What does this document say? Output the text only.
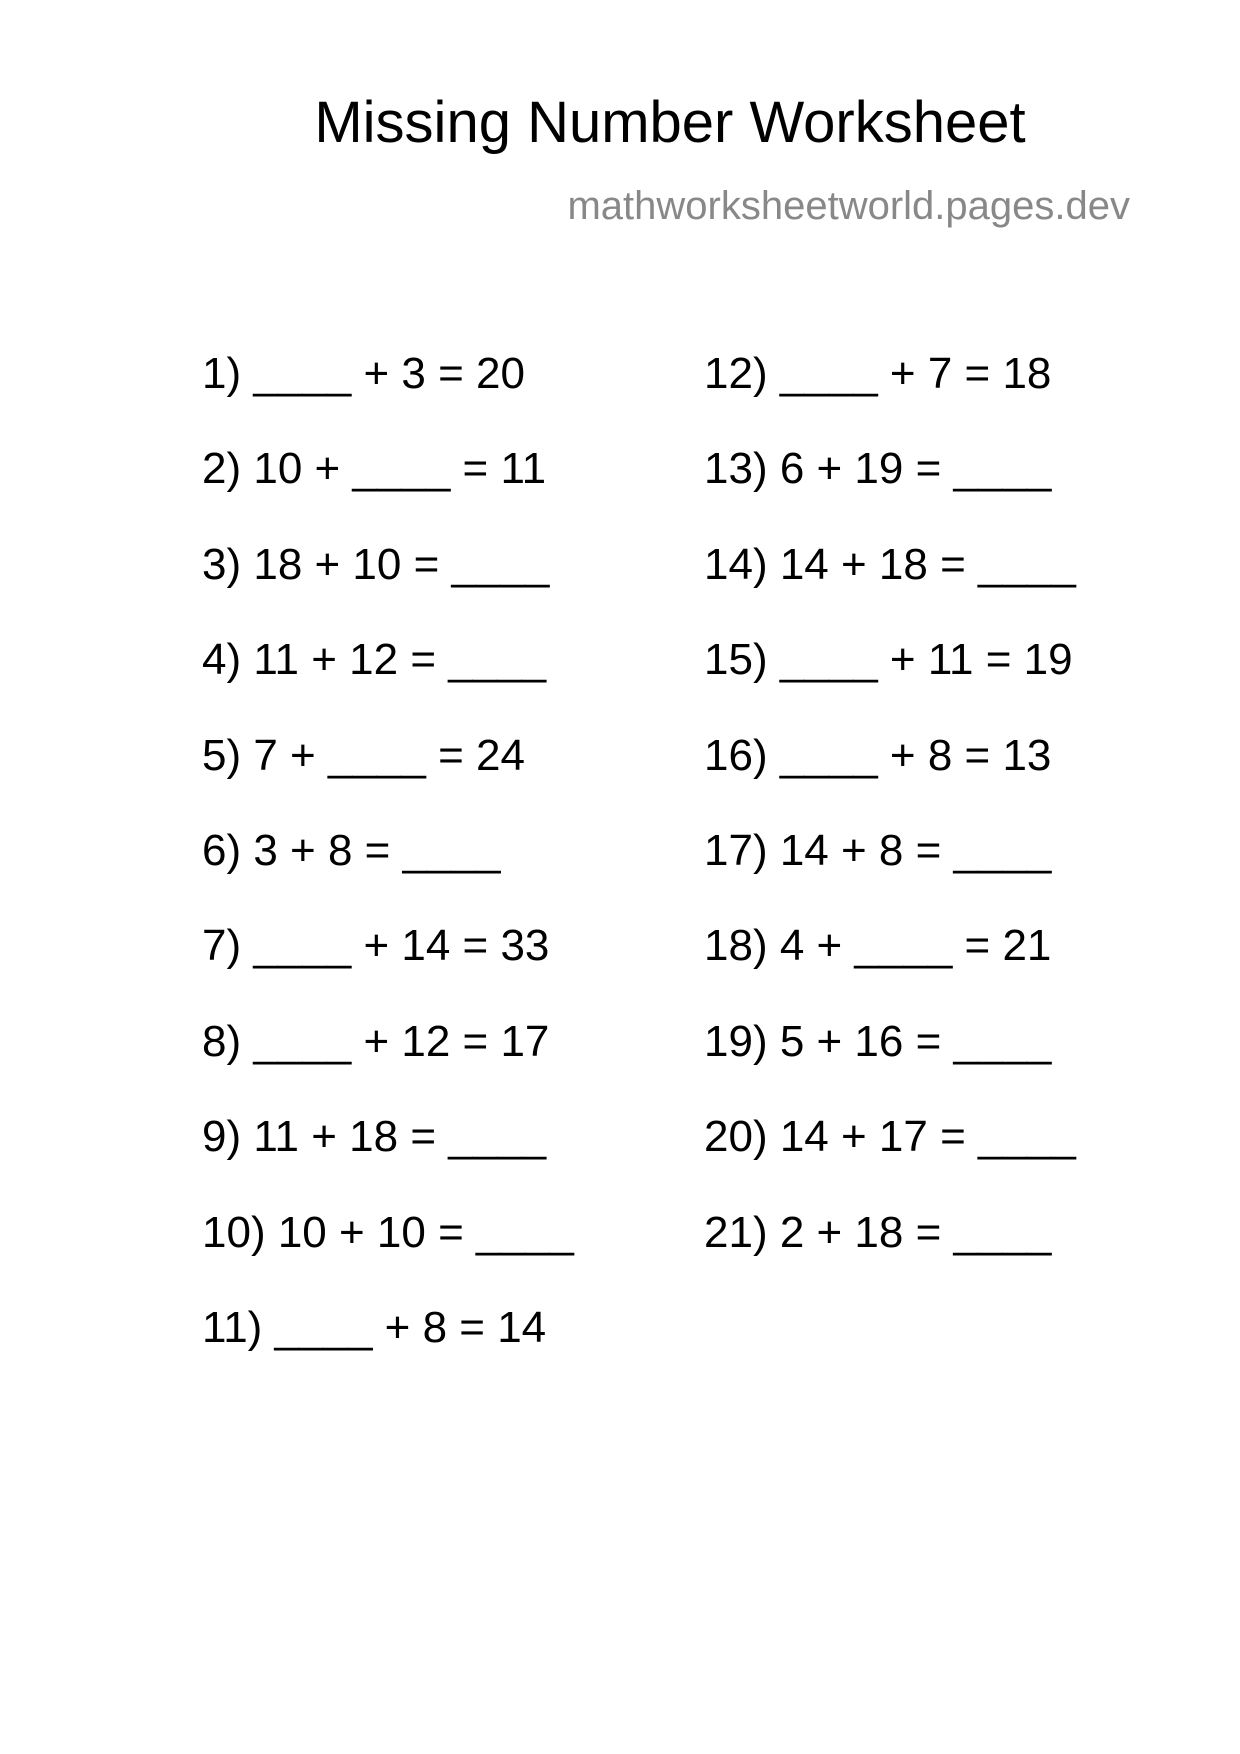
Missing Number Worksheet
mathworksheetworld.pages.dev
1) ____ + 3 = 20
2) 10 + ____ = 11
3) 18 + 10 = ____
4) 11 + 12 = ____
5) 7 + ____ = 24
6) 3 + 8 = ____
7) ____ + 14 = 33
8) ____ + 12 = 17
9) 11 + 18 = ____
10) 10 + 10 = ____
11) ____ + 8 = 14
12) ____ + 7 = 18
13) 6 + 19 = ____
14) 14 + 18 = ____
15) ____ + 11 = 19
16) ____ + 8 = 13
17) 14 + 8 = ____
18) 4 + ____ = 21
19) 5 + 16 = ____
20) 14 + 17 = ____
21) 2 + 18 = ____
